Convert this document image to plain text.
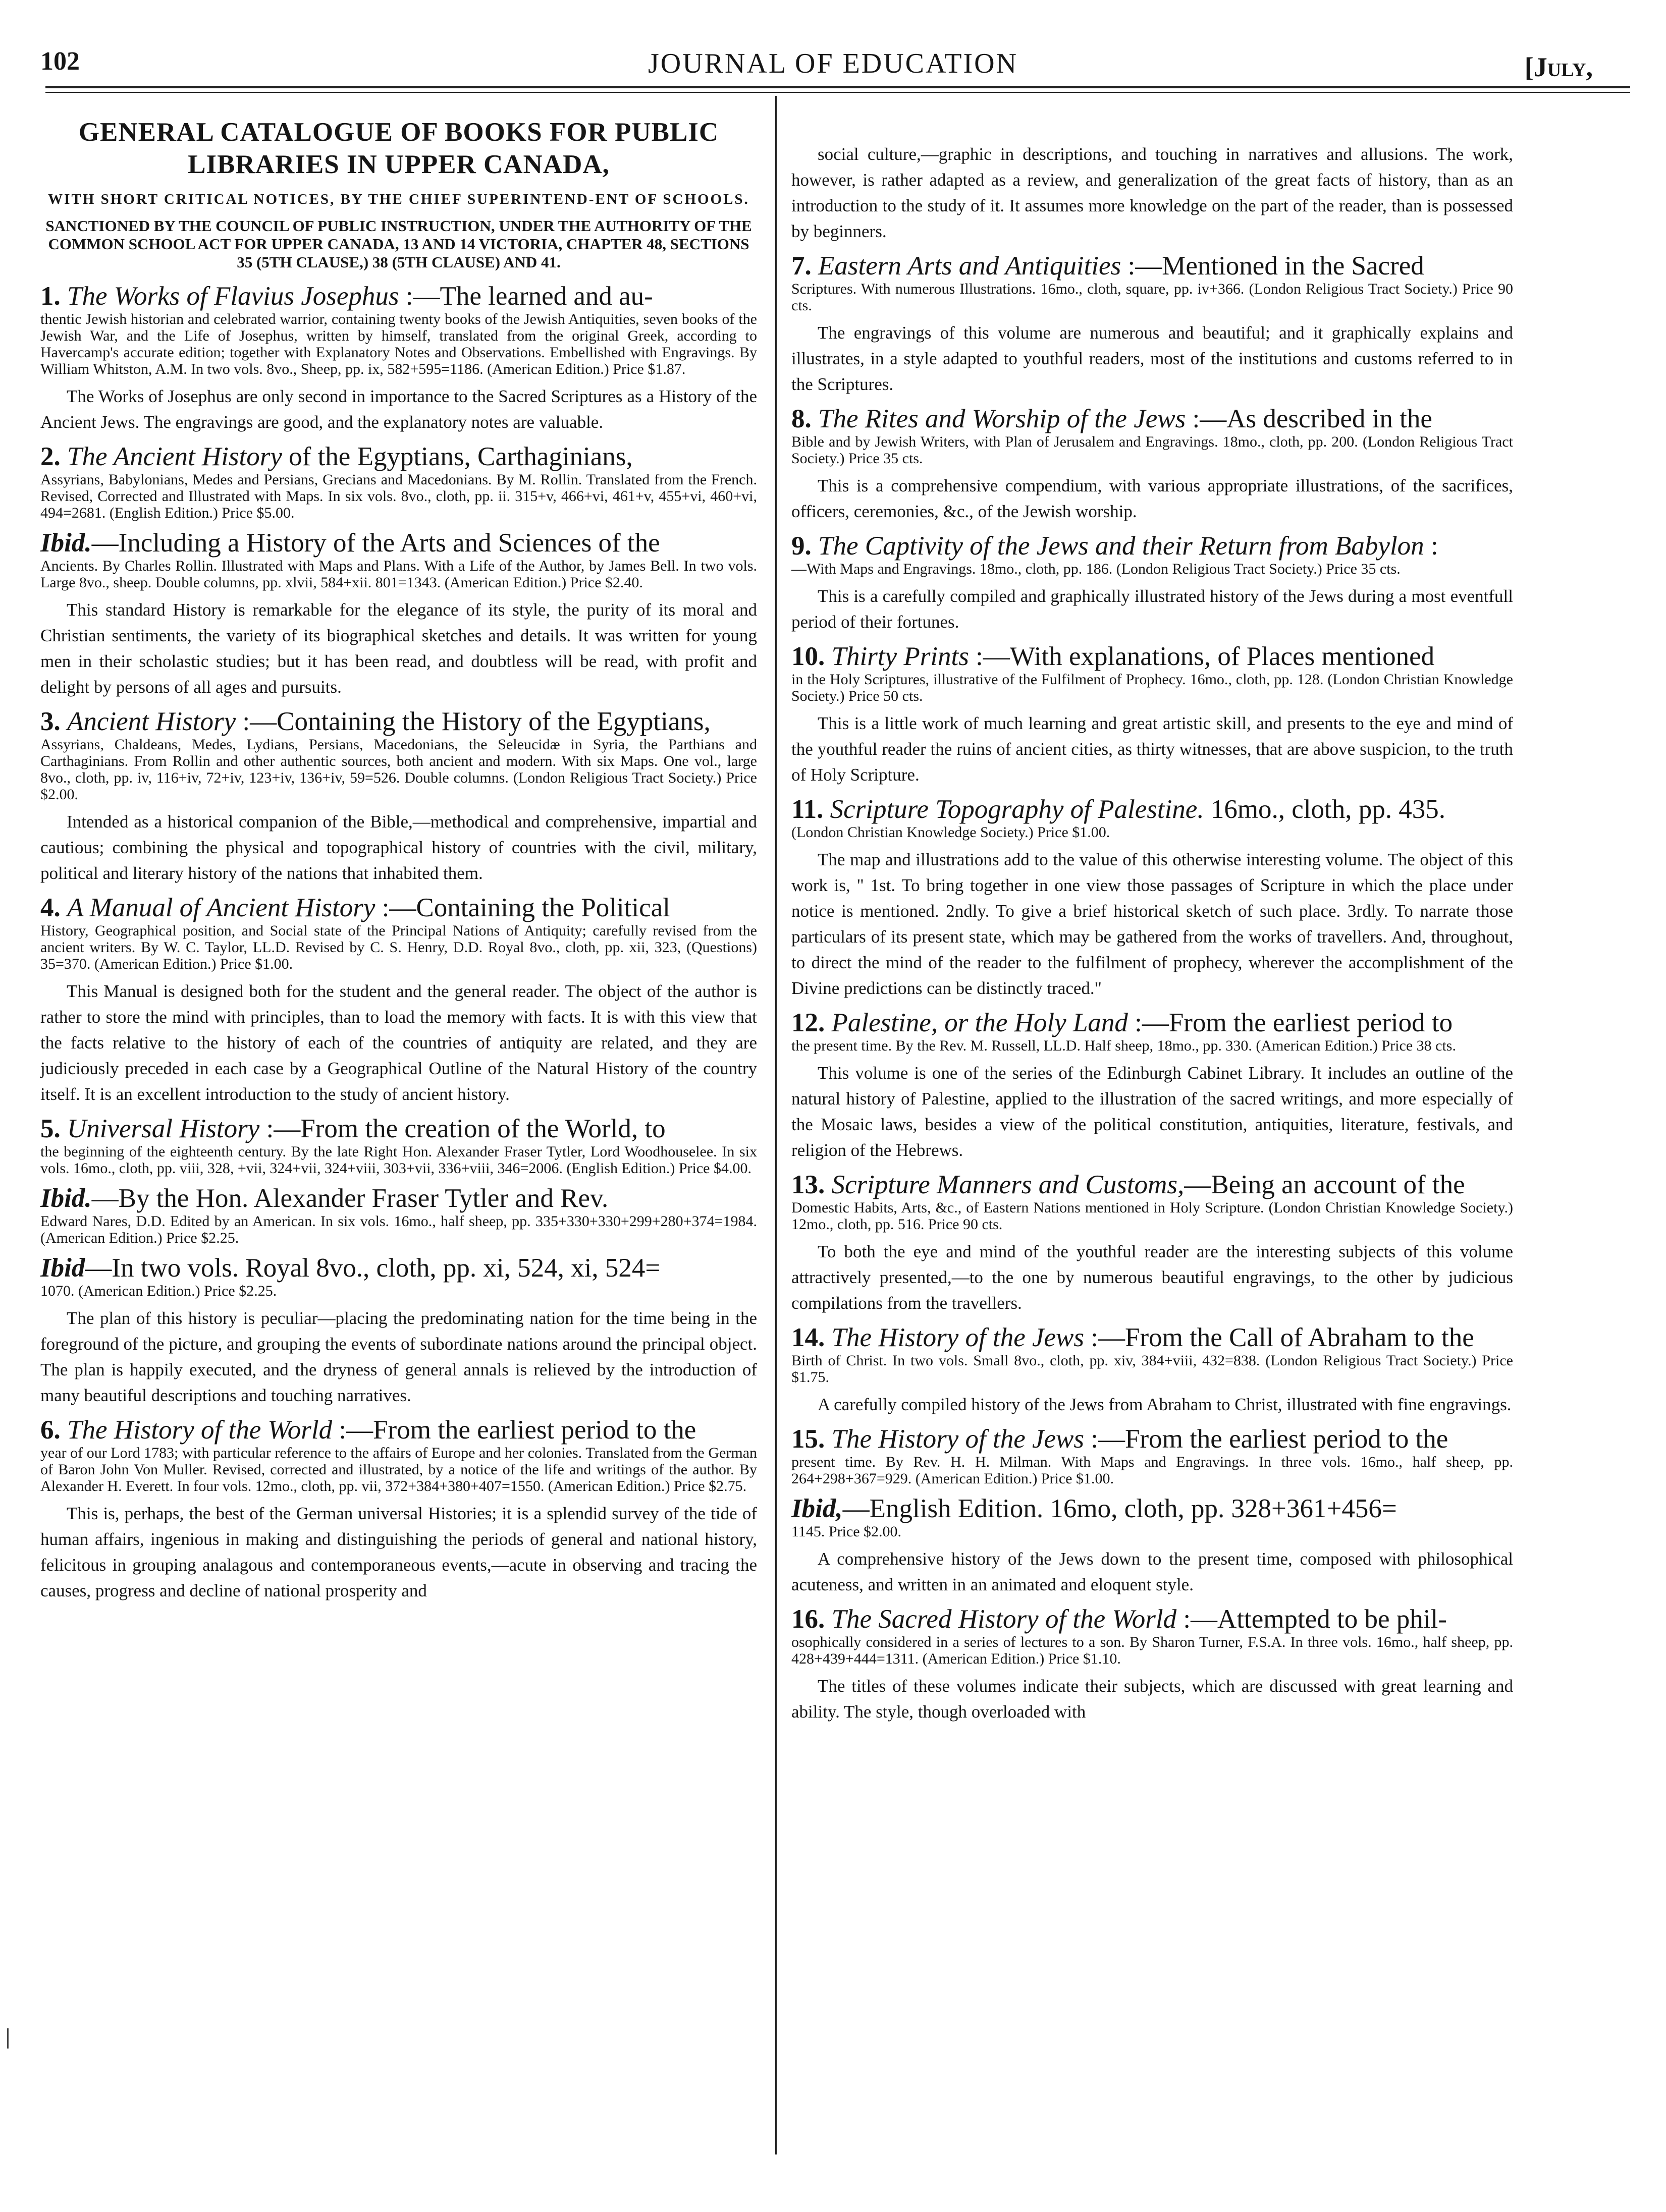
102	JOURNAL OF EDUCATION	[July,
GENERAL CATALOGUE OF BOOKS FOR PUBLIC
LIBRARIES IN UPPER CANADA,
WITH SHORT CRITICAL NOTICES, BY THE CHIEF SUPERINTEND-ENT OF SCHOOLS.
SANCTIONED BY THE COUNCIL OF PUBLIC INSTRUCTION, UNDER THE AUTHORITY OF THE COMMON SCHOOL ACT FOR UPPER CANADA, 13 AND 14 VICTORIA, CHAPTER 48, SECTIONS 35 (5TH CLAUSE,) 38 (5TH CLAUSE) AND 41.
1. The Works of Flavius Josephus :—The learned and au-
thentic Jewish historian and celebrated warrior, containing twenty books of the Jewish Antiquities, seven books of the Jewish War, and the Life of Josephus, written by himself, translated from the original Greek, according to Havercamp's accurate edition; together with Explanatory Notes and Observations. Embellished with Engravings. By William Whitston, A.M. In two vols. 8vo., Sheep, pp. ix, 582+595=1186. (American Edition.) Price $1.87.
The Works of Josephus are only second in importance to the Sacred Scriptures as a History of the Ancient Jews. The engravings are good, and the explanatory notes are valuable.
2. The Ancient History of the Egyptians, Carthaginians,
Assyrians, Babylonians, Medes and Persians, Grecians and Macedonians. By M. Rollin. Translated from the French. Revised, Corrected and Illustrated with Maps. In six vols. 8vo., cloth, pp. ii. 315+v, 466+vi, 461+v, 455+vi, 460+vi, 494=2681. (English Edition.) Price $5.00.
Ibid.—Including a History of the Arts and Sciences of the
Ancients. By Charles Rollin. Illustrated with Maps and Plans. With a Life of the Author, by James Bell. In two vols. Large 8vo., sheep. Double columns, pp. xlvii, 584+xii. 801=1343. (American Edition.) Price $2.40.
This standard History is remarkable for the elegance of its style, the purity of its moral and Christian sentiments, the variety of its biographical sketches and details. It was written for young men in their scholastic studies; but it has been read, and doubtless will be read, with profit and delight by persons of all ages and pursuits.
3. Ancient History :—Containing the History of the Egyptians,
Assyrians, Chaldeans, Medes, Lydians, Persians, Macedonians, the Seleucidæ in Syria, the Parthians and Carthaginians. From Rollin and other authentic sources, both ancient and modern. With six Maps. One vol., large 8vo., cloth, pp. iv, 116+iv, 72+iv, 123+iv, 136+iv, 59=526. Double columns. (London Religious Tract Society.) Price $2.00.
Intended as a historical companion of the Bible,—methodical and comprehensive, impartial and cautious; combining the physical and topographical history of countries with the civil, military, political and literary history of the nations that inhabited them.
4. A Manual of Ancient History :—Containing the Political
History, Geographical position, and Social state of the Principal Nations of Antiquity; carefully revised from the ancient writers. By W. C. Taylor, LL.D. Revised by C. S. Henry, D.D. Royal 8vo., cloth, pp. xii, 323, (Questions) 35=370. (American Edition.) Price $1.00.
This Manual is designed both for the student and the general reader. The object of the author is rather to store the mind with principles, than to load the memory with facts. It is with this view that the facts relative to the history of each of the countries of antiquity are related, and they are judiciously preceded in each case by a Geographical Outline of the Natural History of the country itself. It is an excellent introduction to the study of ancient history.
5. Universal History :—From the creation of the World, to
the beginning of the eighteenth century. By the late Right Hon. Alexander Fraser Tytler, Lord Woodhouselee. In six vols. 16mo., cloth, pp. viii, 328, +vii, 324+vii, 324+viii, 303+vii, 336+viii, 346=2006. (English Edition.) Price $4.00.
Ibid.—By the Hon. Alexander Fraser Tytler and Rev.
Edward Nares, D.D. Edited by an American. In six vols. 16mo., half sheep, pp. 335+330+330+299+280+374=1984. (American Edition.) Price $2.25.
Ibid—In two vols. Royal 8vo., cloth, pp. xi, 524, xi, 524=
1070. (American Edition.) Price $2.25.
The plan of this history is peculiar—placing the predominating nation for the time being in the foreground of the picture, and grouping the events of subordinate nations around the principal object. The plan is happily executed, and the dryness of general annals is relieved by the introduction of many beautiful descriptions and touching narratives.
6. The History of the World :—From the earliest period to the
year of our Lord 1783; with particular reference to the affairs of Europe and her colonies. Translated from the German of Baron John Von Muller. Revised, corrected and illustrated, by a notice of the life and writings of the author. By Alexander H. Everett. In four vols. 12mo., cloth, pp. vii, 372+384+380+407=1550. (American Edition.) Price $2.75.
This is, perhaps, the best of the German universal Histories; it is a splendid survey of the tide of human affairs, ingenious in making and distinguishing the periods of general and national history, felicitous in grouping analagous and contemporaneous events,—acute in observing and tracing the causes, progress and decline of national prosperity and
social culture,—graphic in descriptions, and touching in narratives and allusions. The work, however, is rather adapted as a review, and generalization of the great facts of history, than as an introduction to the study of it. It assumes more knowledge on the part of the reader, than is possessed by beginners.
7. Eastern Arts and Antiquities :—Mentioned in the Sacred
Scriptures. With numerous Illustrations. 16mo., cloth, square, pp. iv+366. (London Religious Tract Society.) Price 90 cts.
The engravings of this volume are numerous and beautiful; and it graphically explains and illustrates, in a style adapted to youthful readers, most of the institutions and customs referred to in the Scriptures.
8. The Rites and Worship of the Jews :—As described in the
Bible and by Jewish Writers, with Plan of Jerusalem and Engravings. 18mo., cloth, pp. 200. (London Religious Tract Society.) Price 35 cts.
This is a comprehensive compendium, with various appropriate illustrations, of the sacrifices, officers, ceremonies, &c., of the Jewish worship.
9. The Captivity of the Jews and their Return from Babylon :
—With Maps and Engravings. 18mo., cloth, pp. 186. (London Religious Tract Society.) Price 35 cts.
This is a carefully compiled and graphically illustrated history of the Jews during a most eventfull period of their fortunes.
10. Thirty Prints :—With explanations, of Places mentioned
in the Holy Scriptures, illustrative of the Fulfilment of Prophecy. 16mo., cloth, pp. 128. (London Christian Knowledge Society.) Price 50 cts.
This is a little work of much learning and great artistic skill, and presents to the eye and mind of the youthful reader the ruins of ancient cities, as thirty witnesses, that are above suspicion, to the truth of Holy Scripture.
11. Scripture Topography of Palestine. 16mo., cloth, pp. 435.
(London Christian Knowledge Society.) Price $1.00.
The map and illustrations add to the value of this otherwise interesting volume. The object of this work is, " 1st. To bring together in one view those passages of Scripture in which the place under notice is mentioned. 2ndly. To give a brief historical sketch of such place. 3rdly. To narrate those particulars of its present state, which may be gathered from the works of travellers. And, throughout, to direct the mind of the reader to the fulfilment of prophecy, wherever the accomplishment of the Divine predictions can be distinctly traced."
12. Palestine, or the Holy Land :—From the earliest period to
the present time. By the Rev. M. Russell, LL.D. Half sheep, 18mo., pp. 330. (American Edition.) Price 38 cts.
This volume is one of the series of the Edinburgh Cabinet Library. It includes an outline of the natural history of Palestine, applied to the illustration of the sacred writings, and more especially of the Mosaic laws, besides a view of the political constitution, antiquities, literature, festivals, and religion of the Hebrews.
13. Scripture Manners and Customs,—Being an account of the
Domestic Habits, Arts, &c., of Eastern Nations mentioned in Holy Scripture. (London Christian Knowledge Society.) 12mo., cloth, pp. 516. Price 90 cts.
To both the eye and mind of the youthful reader are the interesting subjects of this volume attractively presented,—to the one by numerous beautiful engravings, to the other by judicious compilations from the travellers.
14. The History of the Jews :—From the Call of Abraham to the
Birth of Christ. In two vols. Small 8vo., cloth, pp. xiv, 384+viii, 432=838. (London Religious Tract Society.) Price $1.75.
A carefully compiled history of the Jews from Abraham to Christ, illustrated with fine engravings.
15. The History of the Jews :—From the earliest period to the
present time. By Rev. H. H. Milman. With Maps and Engravings. In three vols. 16mo., half sheep, pp. 264+298+367=929. (American Edition.) Price $1.00.
Ibid,—English Edition. 16mo, cloth, pp. 328+361+456=
1145. Price $2.00.
A comprehensive history of the Jews down to the present time, composed with philosophical acuteness, and written in an animated and eloquent style.
16. The Sacred History of the World :—Attempted to be phil-
osophically considered in a series of lectures to a son. By Sharon Turner, F.S.A. In three vols. 16mo., half sheep, pp. 428+439+444=1311. (American Edition.) Price $1.10.
The titles of these volumes indicate their subjects, which are discussed with great learning and ability. The style, though overloaded with
